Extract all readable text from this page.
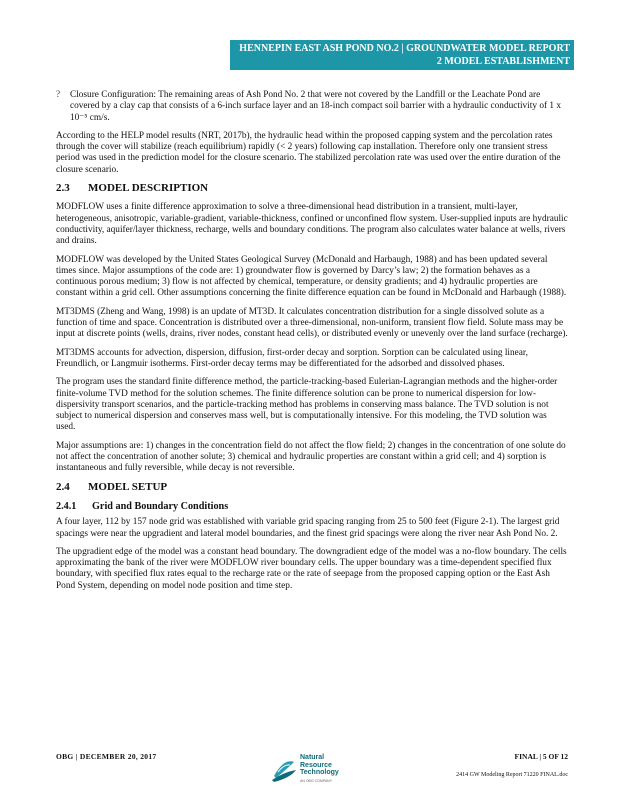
HENNEPIN EAST ASH POND NO.2 | GROUNDWATER MODEL REPORT
2 MODEL ESTABLISHMENT
?	Closure Configuration: The remaining areas of Ash Pond No. 2 that were not covered by the Landfill or the Leachate Pond are covered by a clay cap that consists of a 6-inch surface layer and an 18-inch compact soil barrier with a hydraulic conductivity of 1 x 10⁻⁵ cm/s.

According to the HELP model results (NRT, 2017b), the hydraulic head within the proposed capping system and the percolation rates through the cover will stabilize (reach equilibrium) rapidly (< 2 years) following cap installation. Therefore only one transient stress period was used in the prediction model for the closure scenario. The stabilized percolation rate was used over the entire duration of the closure scenario.

2.3	MODEL DESCRIPTION

MODFLOW uses a finite difference approximation to solve a three-dimensional head distribution in a transient, multi-layer, heterogeneous, anisotropic, variable-gradient, variable-thickness, confined or unconfined flow system. User-supplied inputs are hydraulic conductivity, aquifer/layer thickness, recharge, wells and boundary conditions. The program also calculates water balance at wells, rivers and drains.

MODFLOW was developed by the United States Geological Survey (McDonald and Harbaugh, 1988) and has been updated several times since. Major assumptions of the code are: 1) groundwater flow is governed by Darcy’s law; 2) the formation behaves as a continuous porous medium; 3) flow is not affected by chemical, temperature, or density gradients; and 4) hydraulic properties are constant within a grid cell. Other assumptions concerning the finite difference equation can be found in McDonald and Harbaugh (1988).

MT3DMS (Zheng and Wang, 1998) is an update of MT3D. It calculates concentration distribution for a single dissolved solute as a function of time and space. Concentration is distributed over a three-dimensional, non-uniform, transient flow field. Solute mass may be input at discrete points (wells, drains, river nodes, constant head cells), or distributed evenly or unevenly over the land surface (recharge).

MT3DMS accounts for advection, dispersion, diffusion, first-order decay and sorption. Sorption can be calculated using linear, Freundlich, or Langmuir isotherms. First-order decay terms may be differentiated for the adsorbed and dissolved phases.

The program uses the standard finite difference method, the particle-tracking-based Eulerian-Lagrangian methods and the higher-order finite-volume TVD method for the solution schemes. The finite difference solution can be prone to numerical dispersion for low-dispersivity transport scenarios, and the particle-tracking method has problems in conserving mass balance. The TVD solution is not subject to numerical dispersion and conserves mass well, but is computationally intensive. For this modeling, the TVD solution was used.

Major assumptions are: 1) changes in the concentration field do not affect the flow field; 2) changes in the concentration of one solute do not affect the concentration of another solute; 3) chemical and hydraulic properties are constant within a grid cell; and 4) sorption is instantaneous and fully reversible, while decay is not reversible.

2.4	MODEL SETUP
2.4.1	Grid and Boundary Conditions

A four layer, 112 by 157 node grid was established with variable grid spacing ranging from 25 to 500 feet (Figure 2-1). The largest grid spacings were near the upgradient and lateral model boundaries, and the finest grid spacings were along the river near Ash Pond No. 2.

The upgradient edge of the model was a constant head boundary. The downgradient edge of the model was a no-flow boundary. The cells approximating the bank of the river were MODFLOW river boundary cells. The upper boundary was a time-dependent specified flux boundary, with specified flux rates equal to the recharge rate or the rate of seepage from the proposed capping option or the East Ash Pond System, depending on model node position and time step.

OBG | DECEMBER 20, 2017	Natural
Resource
Technology
AN OBG COMPANY
FINAL | 5 OF 12
2414 GW Modeling Report 71220 FINAL.doc
